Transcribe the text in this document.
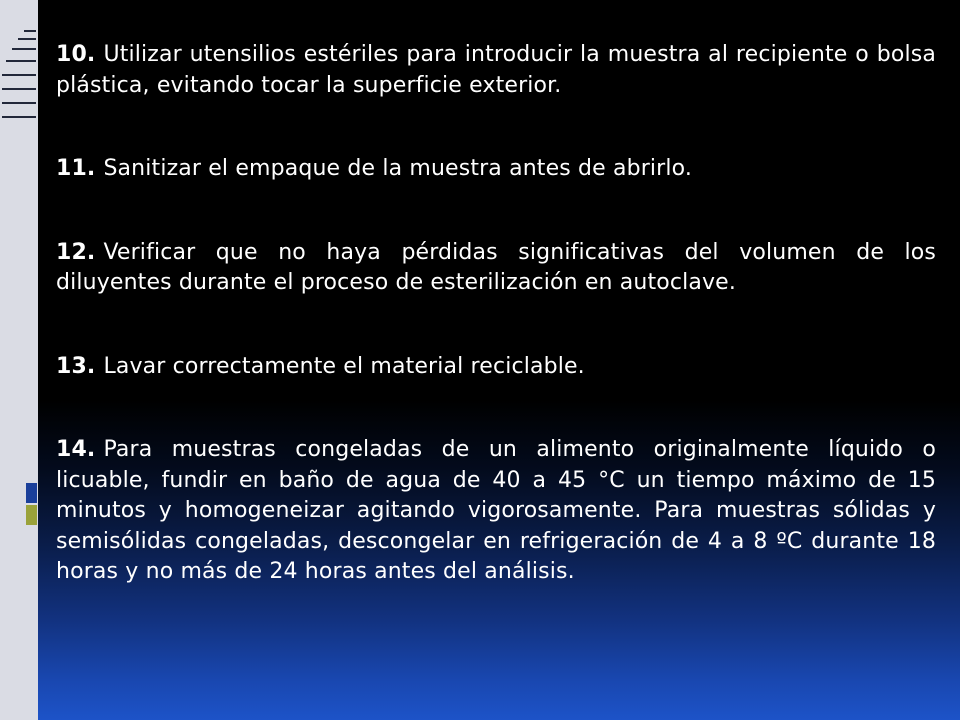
10. Utilizar utensilios estériles para introducir la muestra al recipiente o bolsa plástica, evitando tocar la superficie exterior.

11. Sanitizar el empaque de la muestra antes de abrirlo.

12. Verificar que no haya pérdidas significativas del volumen de los diluyentes durante el proceso de esterilización en autoclave.

13. Lavar correctamente el material reciclable.

14. Para muestras congeladas de un alimento originalmente líquido o licuable, fundir en baño de agua de 40 a 45 °C un tiempo máximo de 15 minutos y homogeneizar agitando vigorosamente. Para muestras sólidas y semisólidas congeladas, descongelar en refrigeración de 4 a 8 ºC durante 18 horas y no más de 24 horas antes del análisis.
